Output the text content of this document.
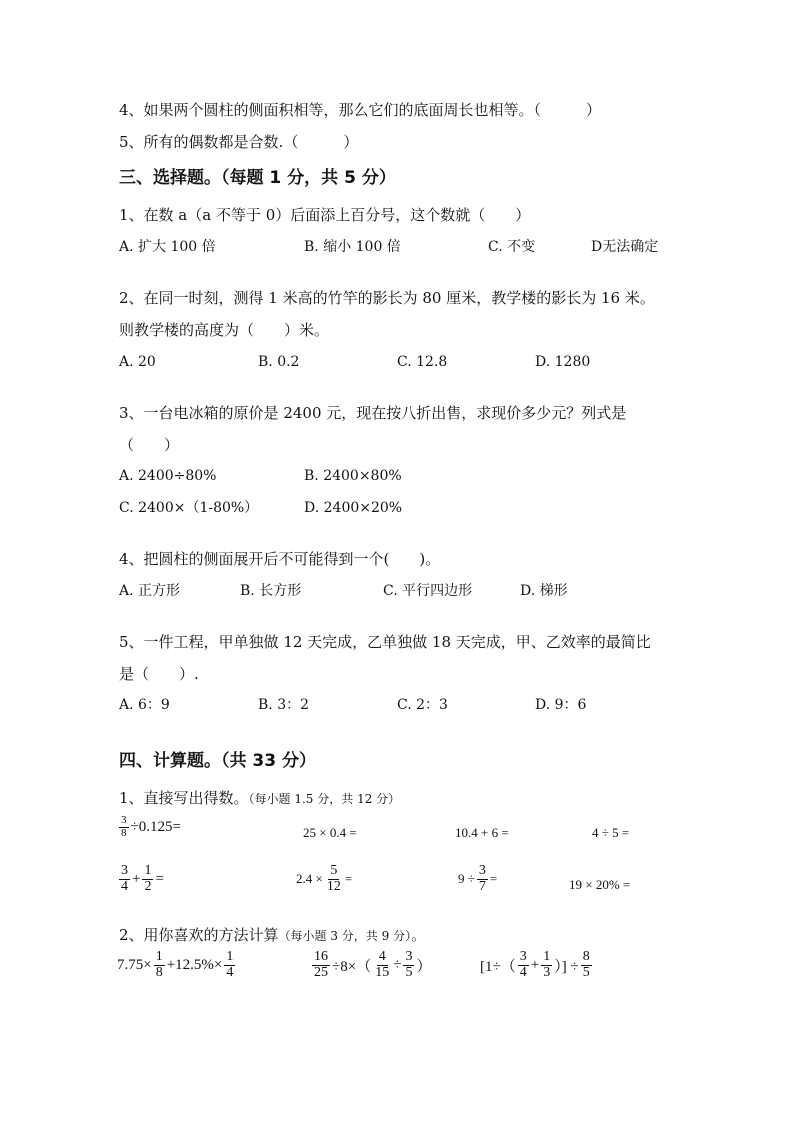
4、如果两个圆柱的侧面积相等，那么它们的底面周长也相等。（　　　）
5、所有的偶数都是合数.（　　　）
三、选择题。（每题 1 分，共 5 分）
1、在数 a（a 不等于 0）后面添上百分号，这个数就（　　）
A. 扩大 100 倍	B. 缩小 100 倍	C. 不变	D无法确定
2、在同一时刻，测得 1 米高的竹竿的影长为 80 厘米，教学楼的影长为 16 米。
则教学楼的高度为（　　）米。
A. 20	B. 0.2	C. 12.8	D. 1280
3、一台电冰箱的原价是 2400 元，现在按八折出售，求现价多少元？列式是
（　　）
A. 2400÷80%	B. 2400×80%
C. 2400×（1-80%）	D. 2400×20%
4、把圆柱的侧面展开后不可能得到一个(　　)。
A. 正方形	B. 长方形	C. 平行四边形	D. 梯形
5、一件工程，甲单独做 12 天完成，乙单独做 18 天完成，甲、乙效率的最简比
是（　　）.
A. 6：9	B. 3：2	C. 2：3	D. 9：6
四、计算题。（共 33 分）
1、直接写出得数。（每小题 1.5 分，共 12 分）
$\frac{3}{8} \div 0.125=$	25 × 0.4 =	10.4 + 6 =	4 ÷ 5 =
$\frac{3}{4} + \frac{1}{2}$ =	$2.4 \times \frac{5}{12}$ =	$9 \div \frac{3}{7}$ =	19 × 20% =
2、用你喜欢的方法计算（每小题 3 分，共 9 分）。
$7.75\times \frac{1}{8} +12.5\%\times \frac{1}{4}$	$\frac{16}{25} \div 8\times( \frac{4}{15} \div \frac{3}{5}$ ）	[$1\div( \frac{3}{4} + \frac{1}{3}$ ）] ÷ $\frac{8}{5}$
